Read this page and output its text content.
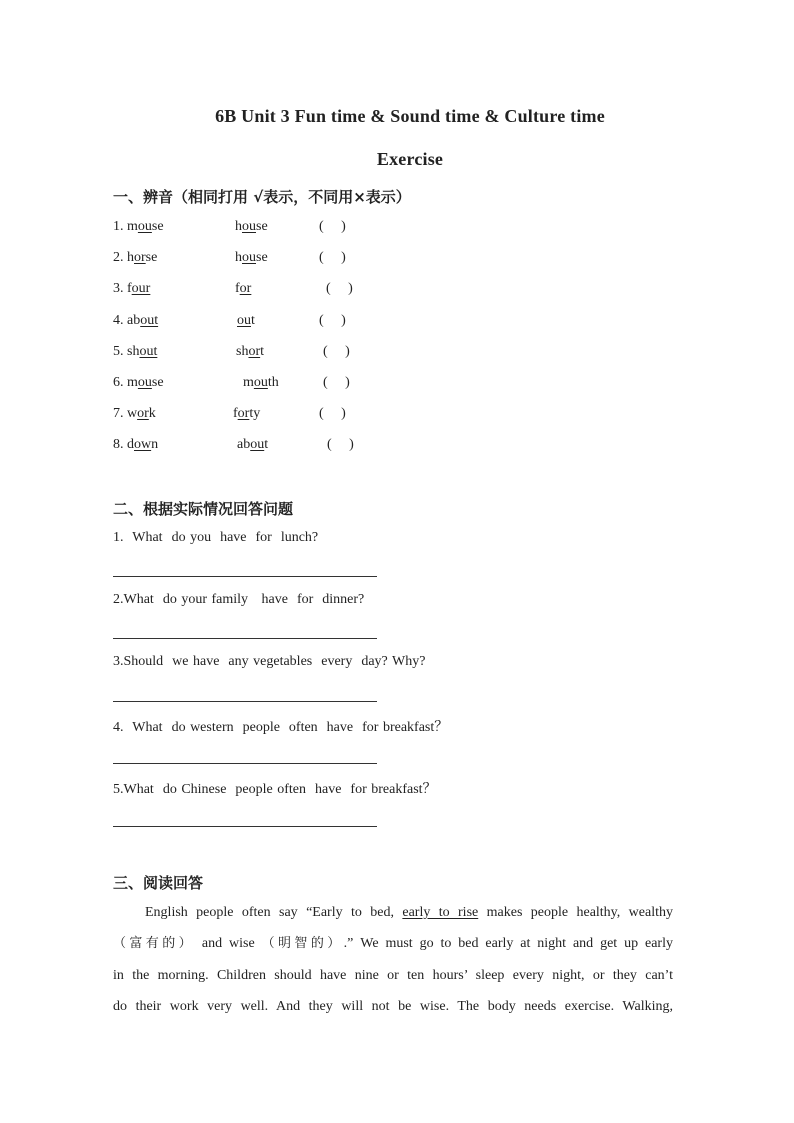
6B Unit 3 Fun time & Sound time & Culture time
Exercise
一、辨音（相同打用 √表示，不同用×表示）
1. mouse	house	(     )
2. horse	house	(     )
3. four	for	(     )
4. about	out	(     )
5. shout	short	(     )
6. mouse	mouth	(     )
7. work	forty	(     )
8. down	about	(     )
二、根据实际情况回答问题
1.  What  do you  have  for  lunch?
2.What  do your family   have  for  dinner?
3.Should  we have  any vegetables  every  day? Why?
4.  What  do western  people  often  have  for breakfast？
5.What  do Chinese  people often  have  for breakfast？
三、阅读回答
English people often say “Early to bed, early to rise makes people healthy, wealthy
（富有的） and wise （明智的）.” We must go to bed early at night and get up early
in the morning. Children should have nine or ten hours’ sleep every night, or they can’t
do their work very well. And they will not be wise. The body needs exercise. Walking,
